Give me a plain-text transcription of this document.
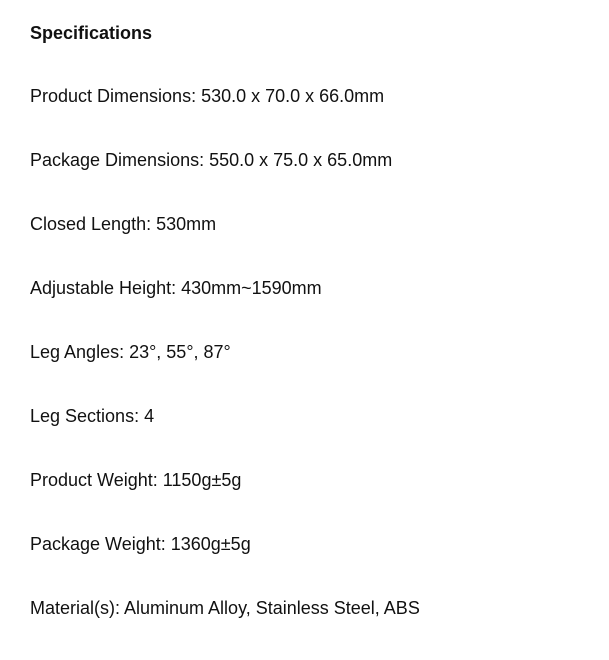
Specifications
Product Dimensions: 530.0 x 70.0 x 66.0mm
Package Dimensions: 550.0 x 75.0 x 65.0mm
Closed Length: 530mm
Adjustable Height: 430mm~1590mm
Leg Angles: 23°, 55°, 87°
Leg Sections: 4
Product Weight: 1150g±5g
Package Weight: 1360g±5g
Material(s): Aluminum Alloy, Stainless Steel, ABS
